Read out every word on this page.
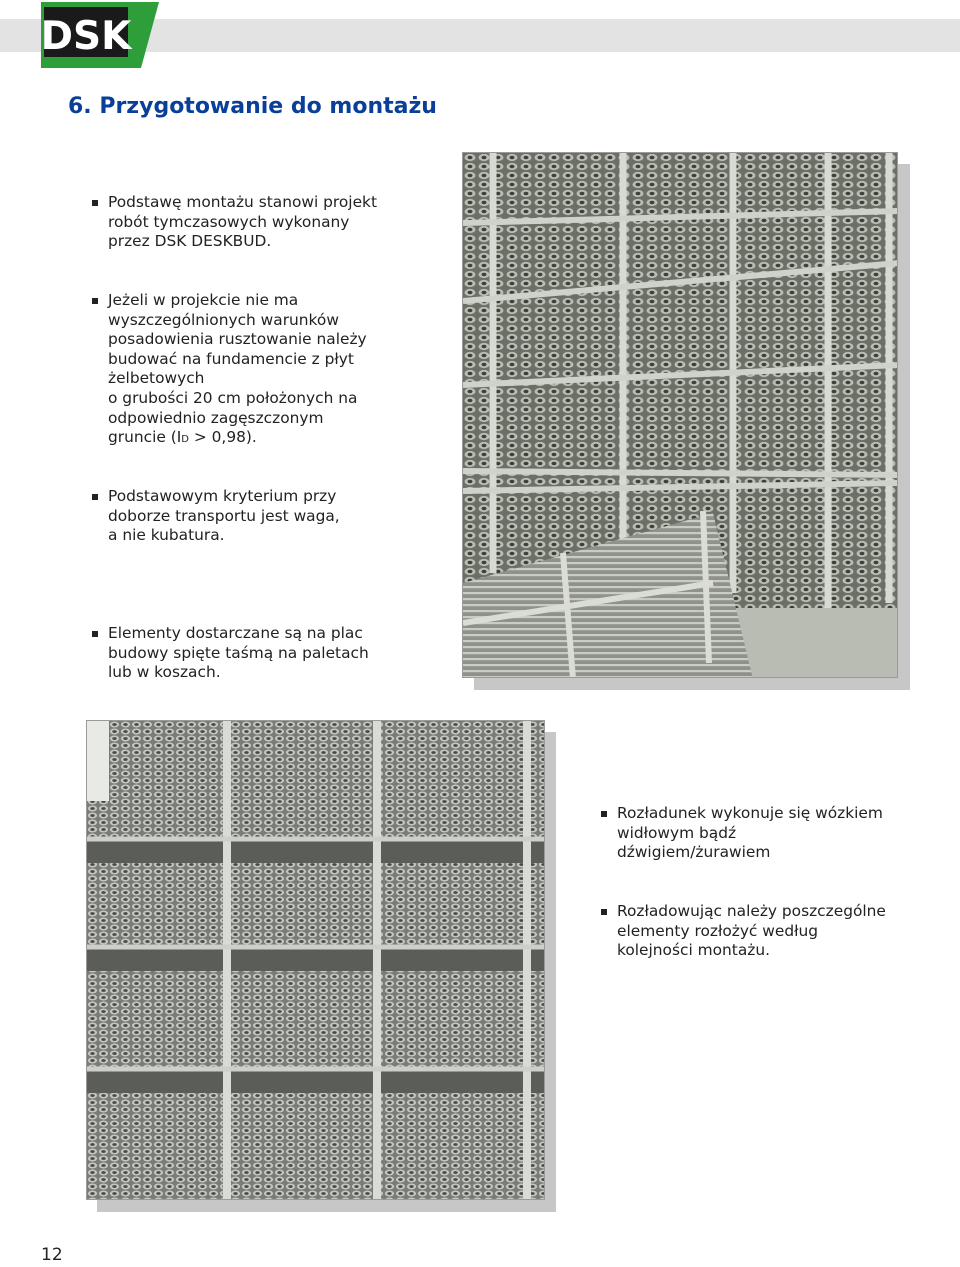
DSK
6. Przygotowanie do montażu
Podstawę montażu stanowi projekt
robót tymczasowych wykonany
przez DSK DESKBUD.
Jeżeli w projekcie nie ma
wyszczególnionych warunków
posadowienia rusztowanie należy
budować na fundamencie z płyt
żelbetowych
o grubości 20 cm położonych na
odpowiednio zagęszczonym
gruncie (ID > 0,98).
Podstawowym kryterium przy
doborze transportu jest waga,
a nie kubatura.
Elementy dostarczane są na plac
budowy spięte taśmą na paletach
lub w koszach.
Rozładunek wykonuje się wózkiem
widłowym bądź
dźwigiem/żurawiem
Rozładowując należy poszczególne
elementy rozłożyć według
kolejności montażu.
12
